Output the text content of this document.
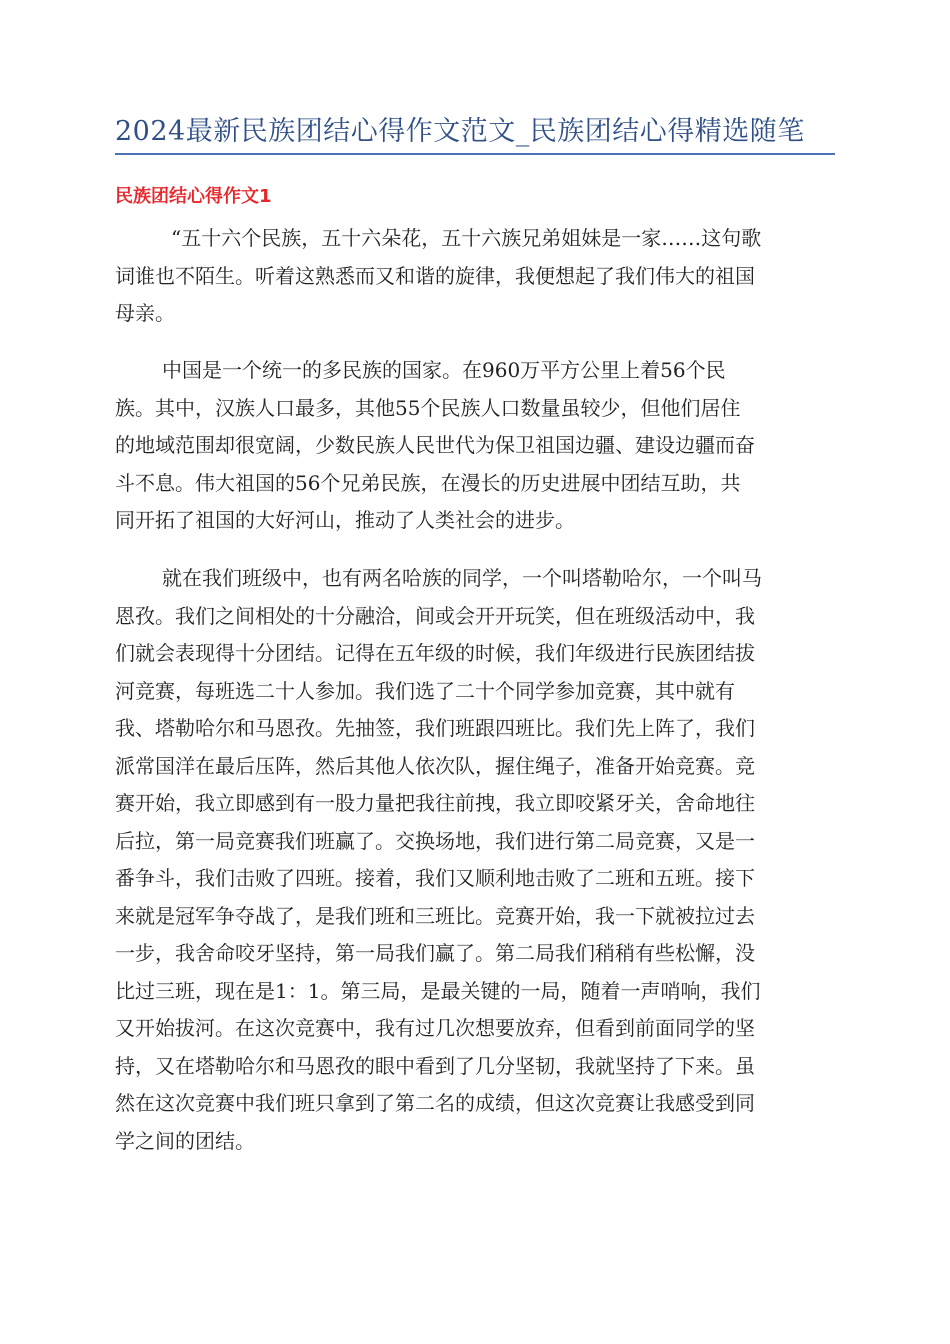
2024最新民族团结心得作文范文_民族团结心得精选随笔
民族团结心得作文1
“五十六个民族，五十六朵花，五十六族兄弟姐妹是一家……这句歌
词谁也不陌生。听着这熟悉而又和谐的旋律，我便想起了我们伟大的祖国
母亲。
中国是一个统一的多民族的国家。在960万平方公里上着56个民
族。其中，汉族人口最多，其他55个民族人口数量虽较少，但他们居住
的地域范围却很宽阔，少数民族人民世代为保卫祖国边疆、建设边疆而奋
斗不息。伟大祖国的56个兄弟民族，在漫长的历史进展中团结互助，共
同开拓了祖国的大好河山，推动了人类社会的进步。
就在我们班级中，也有两名哈族的同学，一个叫塔勒哈尔，一个叫马
恩孜。我们之间相处的十分融洽，间或会开开玩笑，但在班级活动中，我
们就会表现得十分团结。记得在五年级的时候，我们年级进行民族团结拔
河竞赛，每班选二十人参加。我们选了二十个同学参加竞赛，其中就有
我、塔勒哈尔和马恩孜。先抽签，我们班跟四班比。我们先上阵了，我们
派常国洋在最后压阵，然后其他人依次队，握住绳子，准备开始竞赛。竞
赛开始，我立即感到有一股力量把我往前拽，我立即咬紧牙关，舍命地往
后拉，第一局竞赛我们班赢了。交换场地，我们进行第二局竞赛，又是一
番争斗，我们击败了四班。接着，我们又顺利地击败了二班和五班。接下
来就是冠军争夺战了，是我们班和三班比。竞赛开始，我一下就被拉过去
一步，我舍命咬牙坚持，第一局我们赢了。第二局我们稍稍有些松懈，没
比过三班，现在是1：1。第三局，是最关键的一局，随着一声哨响，我们
又开始拔河。在这次竞赛中，我有过几次想要放弃，但看到前面同学的坚
持，又在塔勒哈尔和马恩孜的眼中看到了几分坚韧，我就坚持了下来。虽
然在这次竞赛中我们班只拿到了第二名的成绩，但这次竞赛让我感受到同
学之间的团结。
